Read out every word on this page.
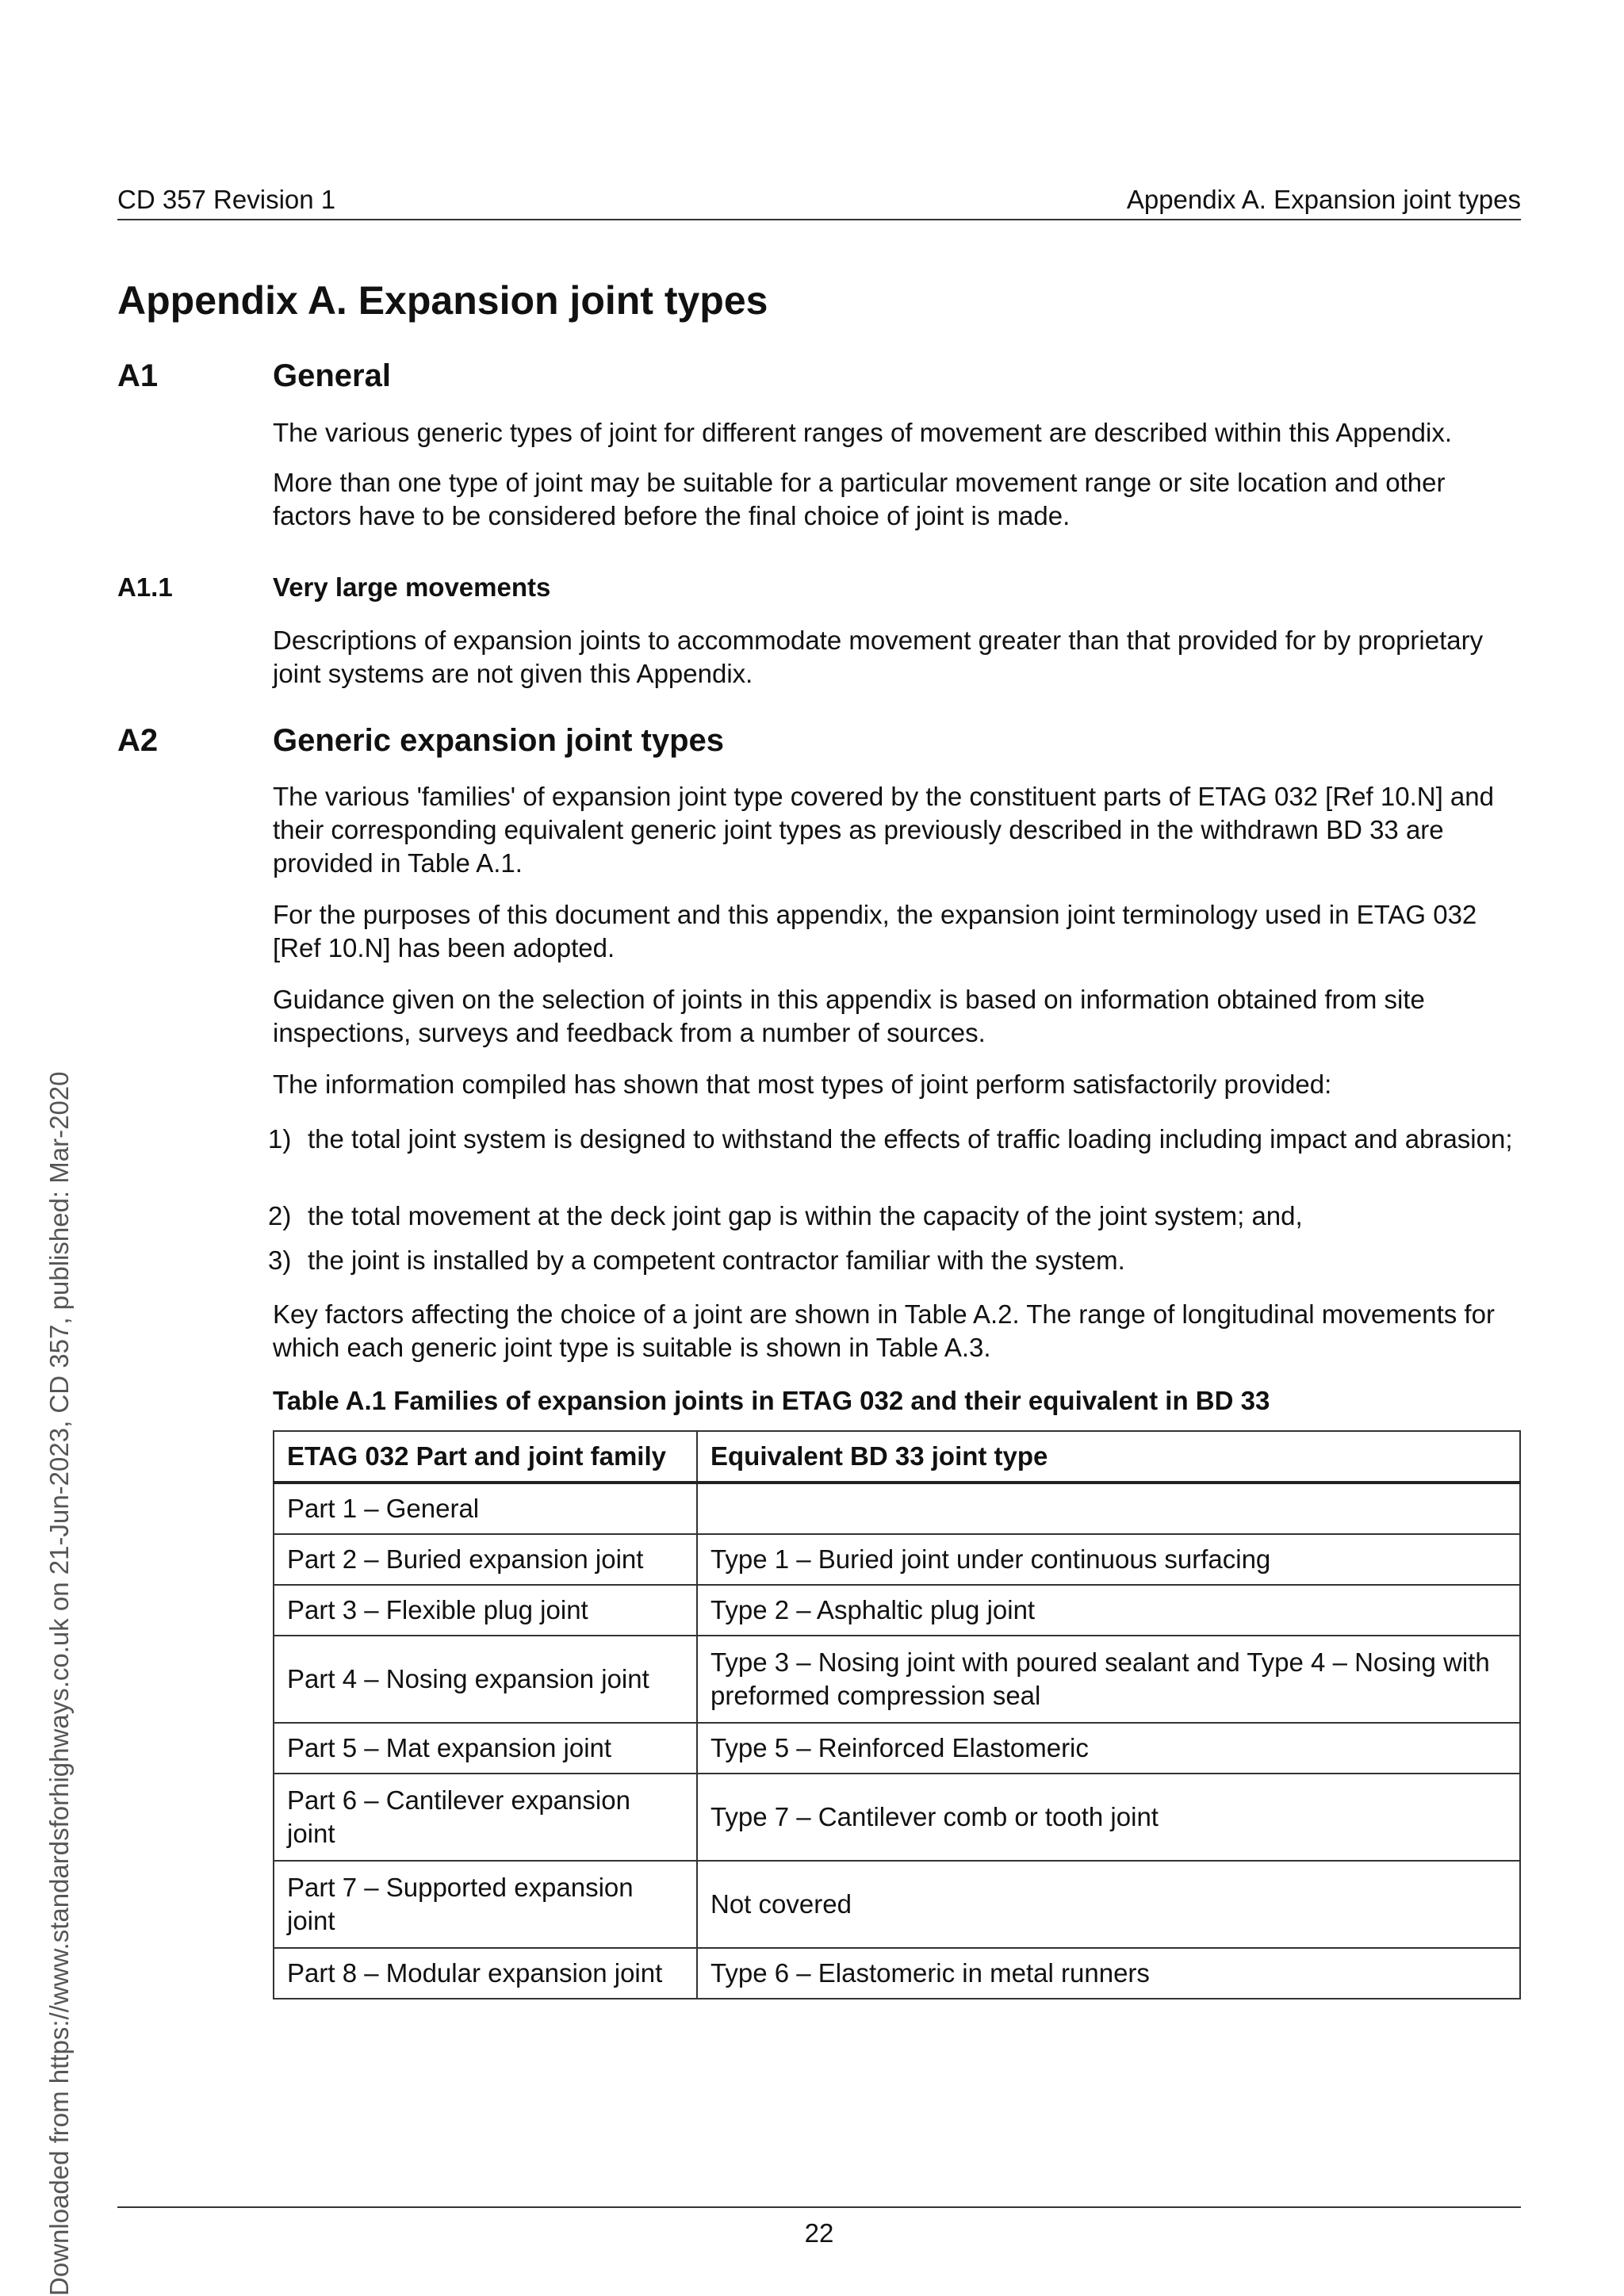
CD 357 Revision 1	Appendix A. Expansion joint types
Appendix A. Expansion joint types
A1	General
The various generic types of joint for different ranges of movement are described within this Appendix.
More than one type of joint may be suitable for a particular movement range or site location and other factors have to be considered before the final choice of joint is made.
A1.1	Very large movements
Descriptions of expansion joints to accommodate movement greater than that provided for by proprietary joint systems are not given this Appendix.
A2	Generic expansion joint types
The various 'families' of expansion joint type covered by the constituent parts of ETAG 032 [Ref 10.N] and their corresponding equivalent generic joint types as previously described in the withdrawn BD 33 are provided in Table A.1.
For the purposes of this document and this appendix, the expansion joint terminology used in ETAG 032 [Ref 10.N] has been adopted.
Guidance given on the selection of joints in this appendix is based on information obtained from site inspections, surveys and feedback from a number of sources.
The information compiled has shown that most types of joint perform satisfactorily provided:
1) the total joint system is designed to withstand the effects of traffic loading including impact and abrasion;
2) the total movement at the deck joint gap is within the capacity of the joint system; and,
3) the joint is installed by a competent contractor familiar with the system.
Key factors affecting the choice of a joint are shown in Table A.2. The range of longitudinal movements for which each generic joint type is suitable is shown in Table A.3.
Table A.1 Families of expansion joints in ETAG 032 and their equivalent in BD 33
ETAG 032 Part and joint family	Equivalent BD 33 joint type
Part 1 – General	
Part 2 – Buried expansion joint	Type 1 – Buried joint under continuous surfacing
Part 3 – Flexible plug joint	Type 2 – Asphaltic plug joint
Part 4 – Nosing expansion joint	Type 3 – Nosing joint with poured sealant and Type 4 – Nosing with preformed compression seal
Part 5 – Mat expansion joint	Type 5 – Reinforced Elastomeric
Part 6 – Cantilever expansion joint	Type 7 – Cantilever comb or tooth joint
Part 7 – Supported expansion joint	Not covered
Part 8 – Modular expansion joint	Type 6 – Elastomeric in metal runners
22
Downloaded from https://www.standardsforhighways.co.uk on 21-Jun-2023, CD 357, published: Mar-2020
